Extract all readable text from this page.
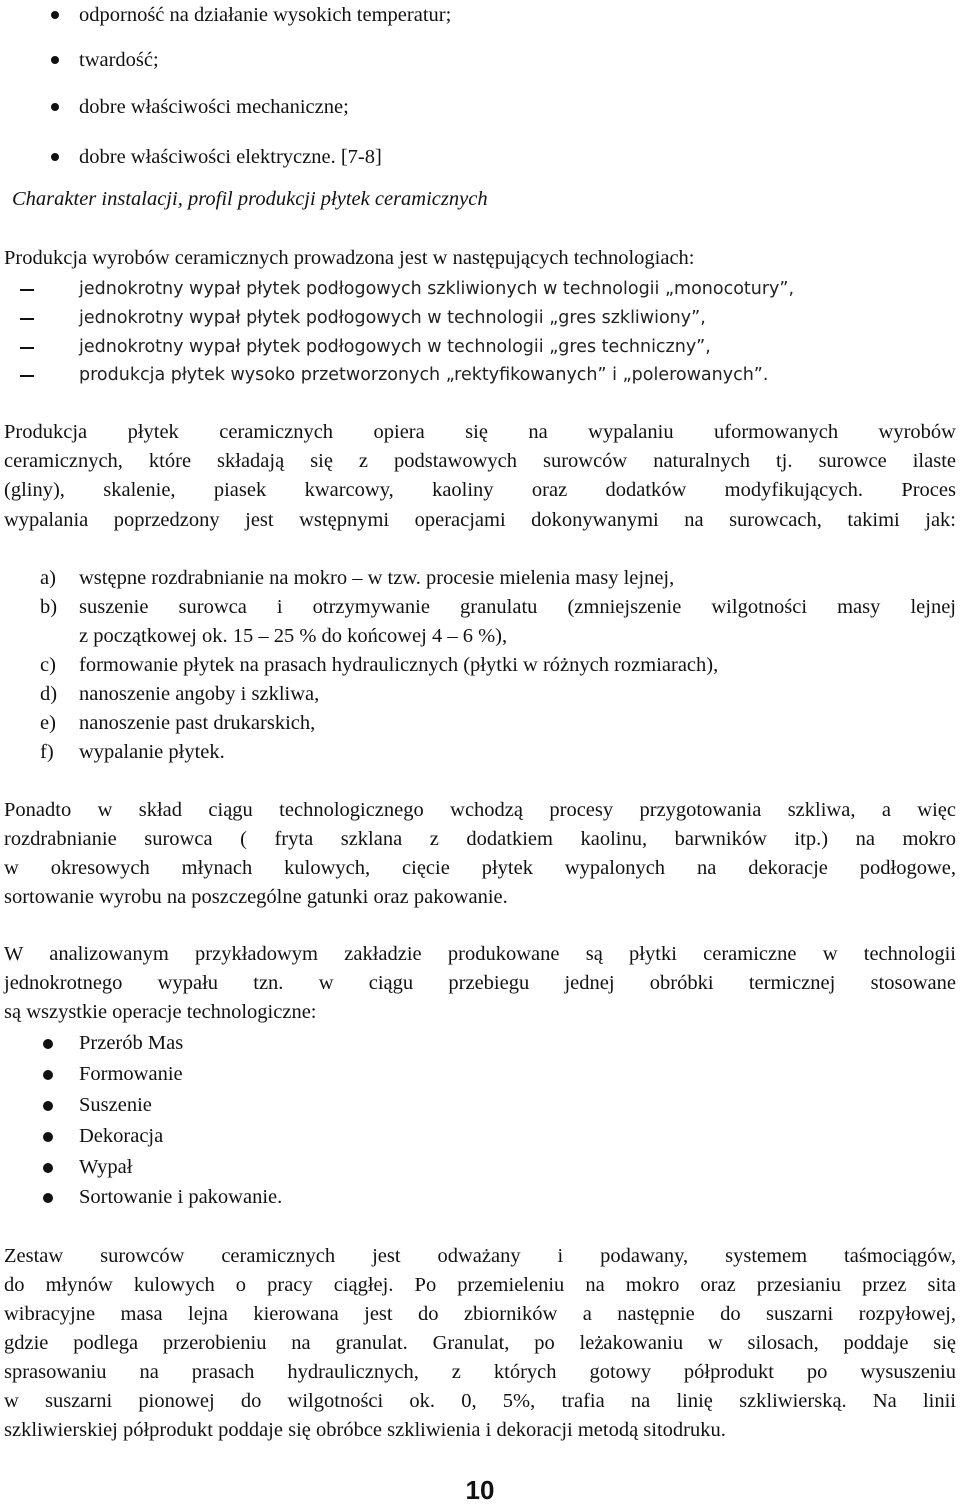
odporność na działanie wysokich temperatur;
twardość;
dobre właściwości mechaniczne;
dobre właściwości elektryczne. [7-8]
Charakter instalacji, profil produkcji płytek ceramicznych
Produkcja wyrobów ceramicznych prowadzona jest w następujących technologiach:
jednokrotny wypał płytek podłogowych szkliwionych w technologii „monocotury”,
jednokrotny wypał płytek podłogowych w technologii „gres szkliwiony”,
jednokrotny wypał płytek podłogowych w technologii „gres techniczny”,
produkcja płytek wysoko przetworzonych „rektyfikowanych” i „polerowanych”.
Produkcja płytek ceramicznych opiera się na wypalaniu uformowanych wyrobów
ceramicznych, które składają się z podstawowych surowców naturalnych tj. surowce ilaste
(gliny), skalenie, piasek kwarcowy, kaoliny oraz dodatków modyfikujących. Proces
wypalania poprzedzony jest wstępnymi operacjami dokonywanymi na surowcach, takimi jak:
a) wstępne rozdrabnianie na mokro – w tzw. procesie mielenia masy lejnej,
b) suszenie surowca i otrzymywanie granulatu (zmniejszenie wilgotności masy lejnej
z początkowej ok. 15 – 25 % do końcowej 4 – 6 %),
c) formowanie płytek na prasach hydraulicznych (płytki w różnych rozmiarach),
d) nanoszenie angoby i szkliwa,
e) nanoszenie past drukarskich,
f) wypalanie płytek.
Ponadto w skład ciągu technologicznego wchodzą procesy przygotowania szkliwa, a więc
rozdrabnianie surowca ( fryta szklana z dodatkiem kaolinu, barwników itp.) na mokro
w okresowych młynach kulowych, cięcie płytek wypalonych na dekoracje podłogowe,
sortowanie wyrobu na poszczególne gatunki oraz pakowanie.
W analizowanym przykładowym zakładzie produkowane są płytki ceramiczne w technologii
jednokrotnego wypału tzn. w ciągu przebiegu jednej obróbki termicznej stosowane
są wszystkie operacje technologiczne:
Przerób Mas
Formowanie
Suszenie
Dekoracja
Wypał
Sortowanie i pakowanie.
Zestaw surowców ceramicznych jest odważany i podawany, systemem taśmociągów,
do młynów kulowych o pracy ciągłej. Po przemieleniu na mokro oraz przesianiu przez sita
wibracyjne masa lejna kierowana jest do zbiorników a następnie do suszarni rozpyłowej,
gdzie podlega przerobieniu na granulat. Granulat, po leżakowaniu w silosach, poddaje się
sprasowaniu na prasach hydraulicznych, z których gotowy półprodukt po wysuszeniu
w suszarni pionowej do wilgotności ok. 0, 5%, trafia na linię szkliwierską. Na linii
szkliwierskiej półprodukt poddaje się obróbce szkliwienia i dekoracji metodą sitodruku.
10
